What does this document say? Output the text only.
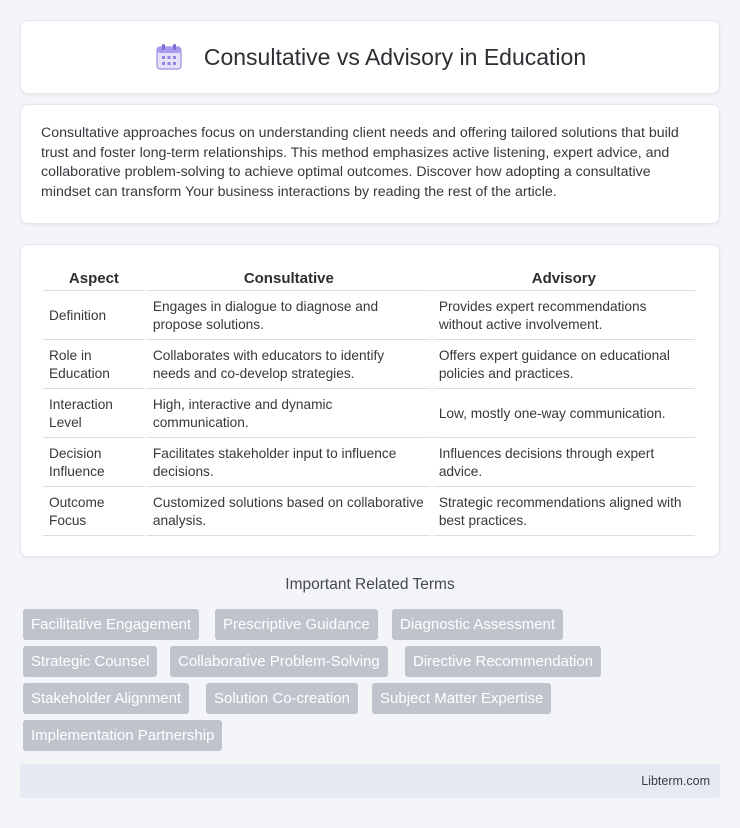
Consultative vs Advisory in Education

Consultative approaches focus on understanding client needs and offering tailored solutions that build trust and foster long-term relationships. This method emphasizes active listening, expert advice, and collaborative problem-solving to achieve optimal outcomes. Discover how adopting a consultative mindset can transform Your business interactions by reading the rest of the article.

Aspect	Consultative	Advisory
Definition	Engages in dialogue to diagnose and propose solutions.	Provides expert recommendations without active involvement.
Role in Education	Collaborates with educators to identify needs and co-develop strategies.	Offers expert guidance on educational policies and practices.
Interaction Level	High, interactive and dynamic communication.	Low, mostly one-way communication.
Decision Influence	Facilitates stakeholder input to influence decisions.	Influences decisions through expert advice.
Outcome Focus	Customized solutions based on collaborative analysis.	Strategic recommendations aligned with best practices.
Important Related Terms
Facilitative Engagement	Prescriptive Guidance	Diagnostic Assessment
Strategic Counsel	Collaborative Problem-Solving	Directive Recommendation
Stakeholder Alignment	Solution Co-creation	Subject Matter Expertise
Implementation Partnership
Libterm.com
